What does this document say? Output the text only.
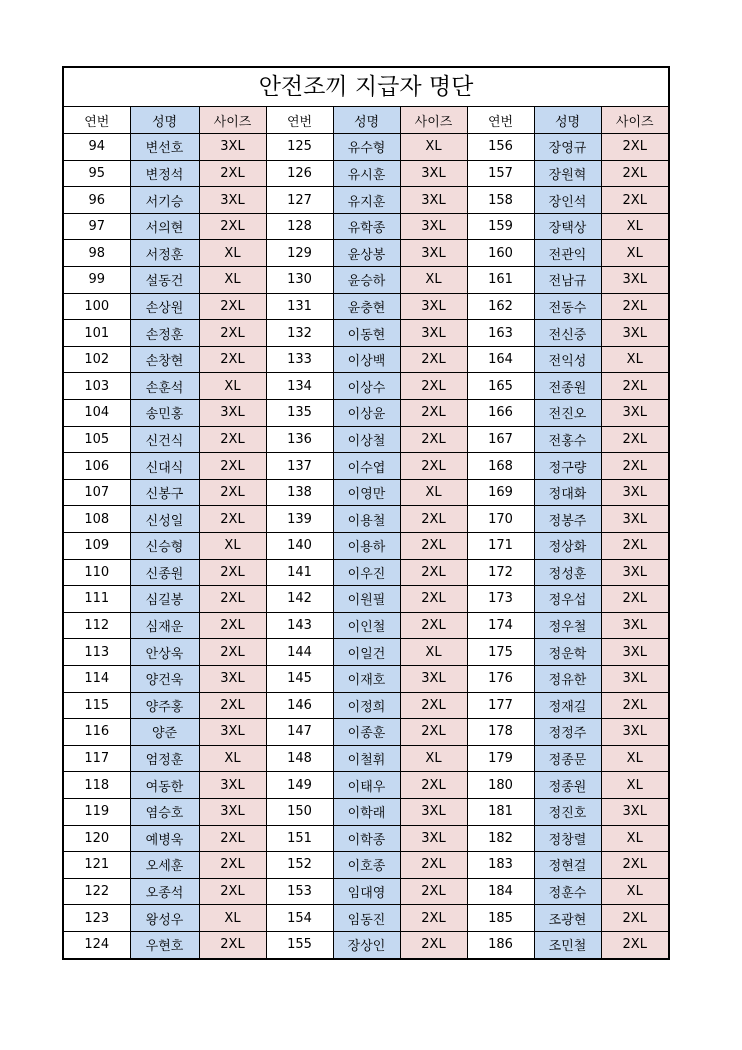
안전조끼 지급자 명단
연번	성명	사이즈	연번	성명	사이즈	연번	성명	사이즈
94	변선호	3XL	125	유수형	XL	156	장영규	2XL
95	변정석	2XL	126	유시훈	3XL	157	장원혁	2XL
96	서기승	3XL	127	유지훈	3XL	158	장인석	2XL
97	서의현	2XL	128	유학종	3XL	159	장택상	XL
98	서정훈	XL	129	윤상봉	3XL	160	전관익	XL
99	설동건	XL	130	윤승하	XL	161	전남규	3XL
100	손상원	2XL	131	윤충현	3XL	162	전동수	2XL
101	손정훈	2XL	132	이동현	3XL	163	전신중	3XL
102	손창현	2XL	133	이상백	2XL	164	전익성	XL
103	손훈석	XL	134	이상수	2XL	165	전종원	2XL
104	송민홍	3XL	135	이상윤	2XL	166	전진오	3XL
105	신건식	2XL	136	이상철	2XL	167	전홍수	2XL
106	신대식	2XL	137	이수엽	2XL	168	정구량	2XL
107	신봉구	2XL	138	이영만	XL	169	정대화	3XL
108	신성일	2XL	139	이용철	2XL	170	정봉주	3XL
109	신승형	XL	140	이용하	2XL	171	정상화	2XL
110	신종원	2XL	141	이우진	2XL	172	정성훈	3XL
111	심길봉	2XL	142	이원필	2XL	173	정우섭	2XL
112	심재운	2XL	143	이인철	2XL	174	정우철	3XL
113	안상욱	2XL	144	이일건	XL	175	정운학	3XL
114	양건욱	3XL	145	이재호	3XL	176	정유한	3XL
115	양주홍	2XL	146	이정희	2XL	177	정재길	2XL
116	양준	3XL	147	이종훈	2XL	178	정정주	3XL
117	엄정훈	XL	148	이철휘	XL	179	정종문	XL
118	여동한	3XL	149	이태우	2XL	180	정종원	XL
119	염승호	3XL	150	이학래	3XL	181	정진호	3XL
120	예병욱	2XL	151	이학종	3XL	182	정창렬	XL
121	오세훈	2XL	152	이호종	2XL	183	정현걸	2XL
122	오종석	2XL	153	임대영	2XL	184	정훈수	XL
123	왕성우	XL	154	임동진	2XL	185	조광현	2XL
124	우현호	2XL	155	장상인	2XL	186	조민철	2XL
